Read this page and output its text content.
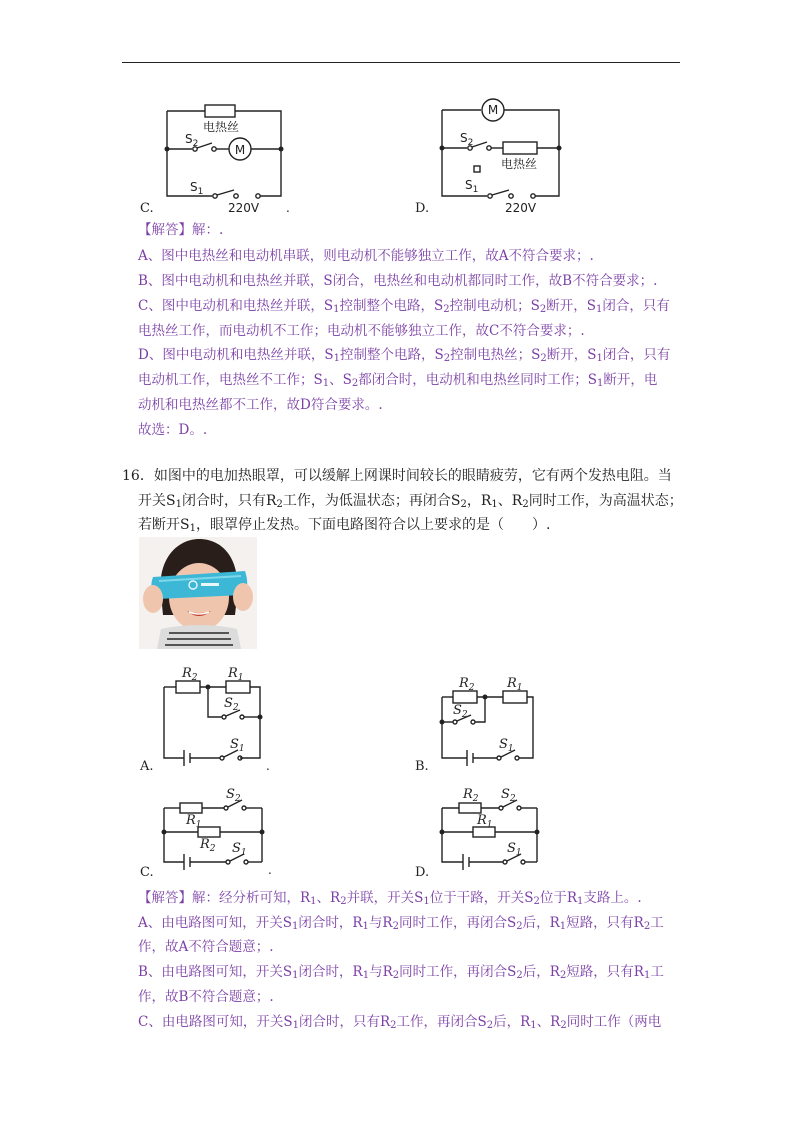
电热丝
M
$S_2$
$S_1$
220V .
C.
M
电热丝
$S_2$
$S_1$
220V
D.
【解答】解：.
A、图中电热丝和电动机串联，则电动机不能够独立工作，故A不符合要求；.
B、图中电动机和电热丝并联，S闭合，电热丝和电动机都同时工作，故B不符合要求；.
C、图中电动机和电热丝并联，S1控制整个电路，S2控制电动机；S2断开，S1闭合，只有
电热丝工作，而电动机不工作；电动机不能够独立工作，故C不符合要求；.
D、图中电动机和电热丝并联，S1控制整个电路，S2控制电热丝；S2断开，S1闭合，只有
电动机工作，电热丝不工作；S1、S2都闭合时，电动机和电热丝同时工作；S1断开，电
动机和电热丝都不工作，故D符合要求。.
故选：D。.
16．如图中的电加热眼罩，可以缓解上网课时间较长的眼睛疲劳，它有两个发热电阻。当
开关S1闭合时，只有R2工作，为低温状态；再闭合S2，R1、R2同时工作，为高温状态；
若断开S1，眼罩停止发热。下面电路图符合以上要求的是（　　）.
$R_2$ $R_1$
$S_2$
$S_1$
.
A.
$R_2$ $R_1$
$S_2$
$S_1$
B.
$S_2$
$R_1$
$R_2$ $S_1$
.
C.
$R_2$ $S_2$
$R_1$
$S_1$
D.
【解答】解：经分析可知，R1、R2并联，开关S1位于干路，开关S2位于R1支路上。.
A、由电路图可知，开关S1闭合时，R1与R2同时工作，再闭合S2后，R1短路，只有R2工
作，故A不符合题意；.
B、由电路图可知，开关S1闭合时，R1与R2同时工作，再闭合S2后，R2短路，只有R1工
作，故B不符合题意；.
C、由电路图可知，开关S1闭合时，只有R2工作，再闭合S2后，R1、R2同时工作（两电
